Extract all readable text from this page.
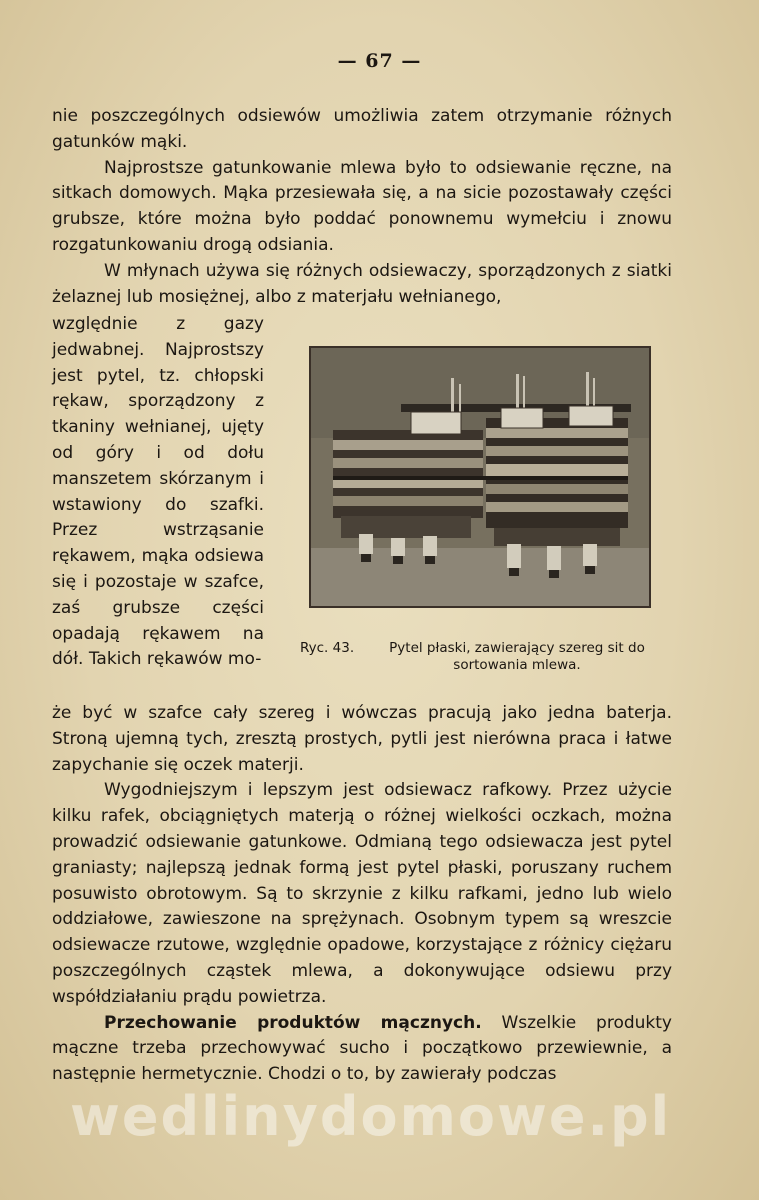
— 67 —

nie poszczególnych odsiewów umożliwia zatem otrzymanie różnych gatunków mąki.

Najprostsze gatunkowanie mlewa było to odsiewanie ręczne, na sitkach domowych. Mąka przesiewała się, a na sicie pozostawały części grubsze, które można było poddać ponownemu wymełciu i znowu rozgatunkowaniu drogą odsiania.

W młynach używa się różnych odsiewaczy, sporządzonych z siatki żelaznej lub mosiężnej, albo z materjału wełnianego,

względnie z gazy jedwabnej. Najprostszy jest pytel, tz. chłopski rękaw, sporządzony z tkaniny wełnianej, ujęty od góry i od dołu manszetem skórzanym i wstawiony do szafki. Przez wstrząsanie rękawem, mąka odsiewa się i pozostaje w szafce, zaś grubsze części opadają rękawem na dół. Takich rękawów mo-

Ryc. 43.	Pytel płaski, zawierający szereg sit do sortowania mlewa.

że być w szafce cały szereg i wówczas pracują jako jedna baterja. Stroną ujemną tych, zresztą prostych, pytli jest nierówna praca i łatwe zapychanie się oczek materji.

Wygodniejszym i lepszym jest odsiewacz rafkowy. Przez użycie kilku rafek, obciągniętych materją o różnej wielkości oczkach, można prowadzić odsiewanie gatunkowe. Odmianą tego odsiewacza jest pytel graniasty; najlepszą jednak formą jest pytel płaski, poruszany ruchem posuwisto obrotowym. Są to skrzynie z kilku rafkami, jedno lub wielo oddziałowe, zawieszone na sprężynach. Osobnym typem są wreszcie odsiewacze rzutowe, względnie opadowe, korzystające z różnicy ciężaru poszczególnych cząstek mlewa, a dokonywujące odsiewu przy współdziałaniu prądu powietrza.

Przechowanie produktów mącznych. Wszelkie produkty mączne trzeba przechowywać sucho i początkowo przewiewnie, a następnie hermetycznie. Chodzi o to, by zawierały podczas

wedlinydomowe.pl
